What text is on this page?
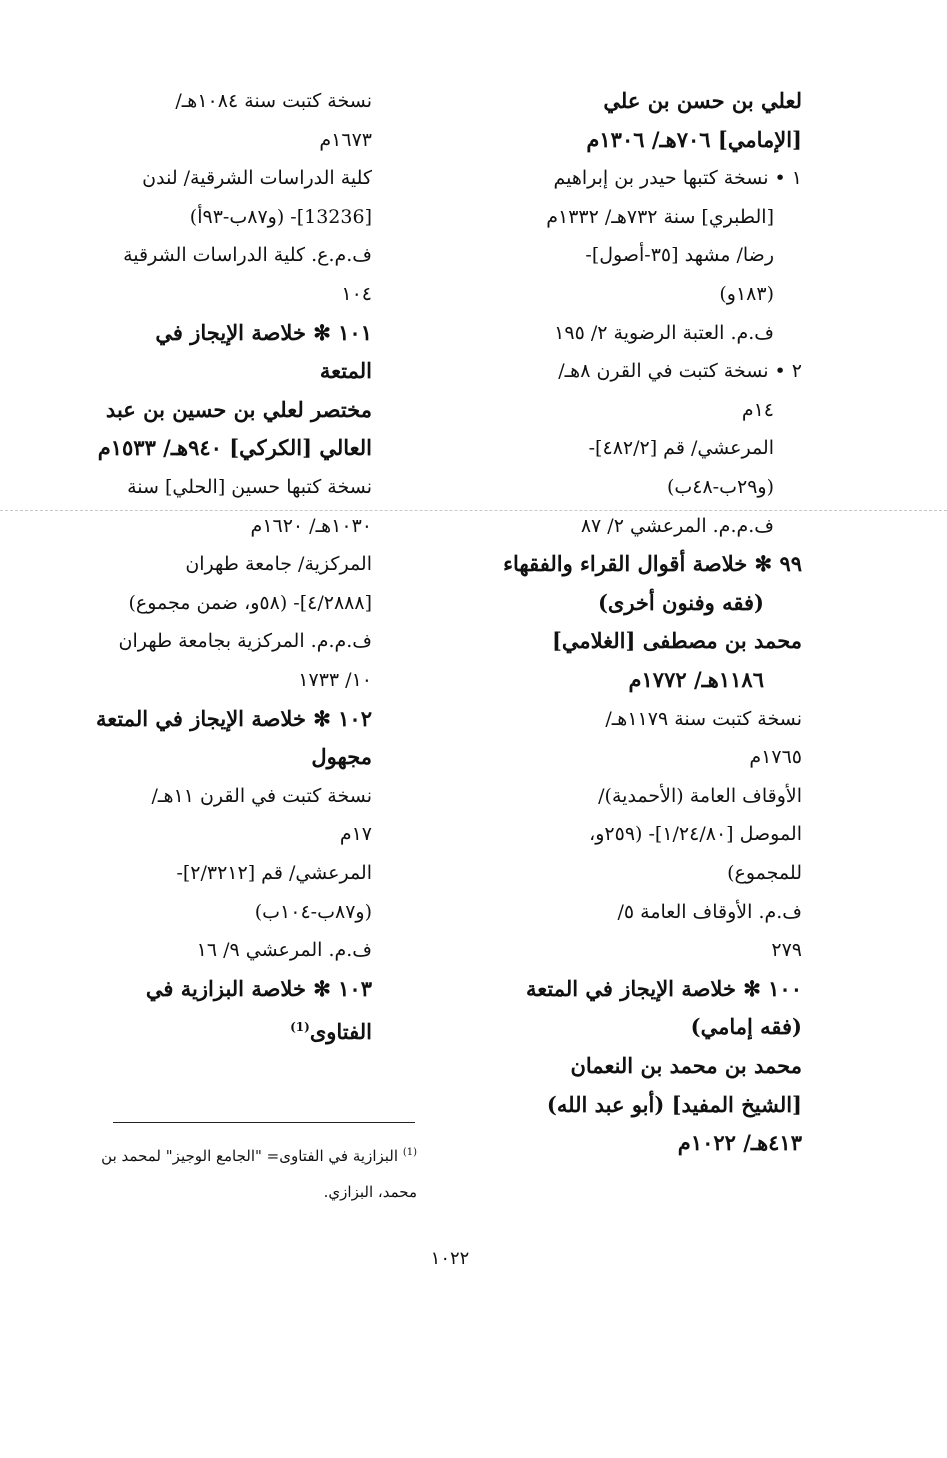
لعلي بن حسن بن علي
[الإمامي] ٧٠٦هـ/ ١٣٠٦م
١ • نسخة كتبها حيدر بن إبراهيم
[الطبري] سنة ٧٣٢هـ/ ١٣٣٢م
رضا/ مشهد [٣٥-أصول]-
(١٨٣و)
ف.م. العتبة الرضوية ٢/ ١٩٥
٢ • نسخة كتبت في القرن ٨هـ/
١٤م
المرعشي/ قم [٤٨٢/٢]-
(و٢٩ب-٤٨ب)
ف.م.م. المرعشي ٢/ ٨٧
٩٩ ✻ خلاصة أقوال القراء والفقهاء
(فقه وفنون أخرى)
محمد بن مصطفى [الغلامي]
١١٨٦هـ/ ١٧٧٢م
نسخة كتبت سنة ١١٧٩هـ/
١٧٦٥م
الأوقاف العامة (الأحمدية)/
الموصل [١/٢٤/٨٠]- (٢٥٩و،
للمجموع)
ف.م. الأوقاف العامة ٥/
٢٧٩
١٠٠ ✻ خلاصة الإيجاز في المتعة
(فقه إمامي)
محمد بن محمد بن النعمان
[الشيخ المفيد] (أبو عبد الله)
٤١٣هـ/ ١٠٢٢م
نسخة كتبت سنة ١٠٨٤هـ/
١٦٧٣م
كلية الدراسات الشرقية/ لندن
[13236]- (و٨٧ب-٩٣أ)
ف.م.ع. كلية الدراسات الشرقية
١٠٤
١٠١ ✻ خلاصة الإيجاز في
المتعة
مختصر لعلي بن حسين بن عبد
العالي [الكركي] ٩٤٠هـ/ ١٥٣٣م
نسخة كتبها حسين [الحلي] سنة
١٠٣٠هـ/ ١٦٢٠م
المركزية/ جامعة طهران
[٤/٢٨٨٨]- (٥٨و، ضمن مجموع)
ف.م.م. المركزية بجامعة طهران
١٠/ ١٧٣٣
١٠٢ ✻ خلاصة الإيجاز في المتعة
مجهول
نسخة كتبت في القرن ١١هـ/
١٧م
المرعشي/ قم [٢/٣٢١٢]-
(و٨٧ب-١٠٤ب)
ف.م. المرعشي ٩/ ١٦
١٠٣ ✻ خلاصة البزازية في
الفتاوى$^{(1)}$
$^{(1)}$ البزازية في الفتاوى= "الجامع الوجيز" لمحمد بن
محمد، البزازي.
١٠٢٢
